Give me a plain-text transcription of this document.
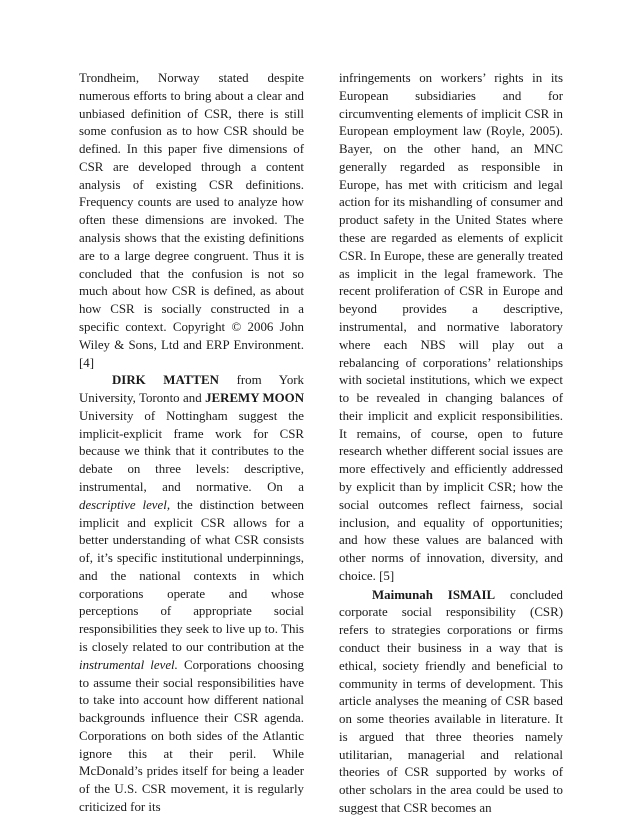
Trondheim, Norway stated despite numerous efforts to bring about a clear and unbiased definition of CSR, there is still some confusion as to how CSR should be defined. In this paper five dimensions of CSR are developed through a content analysis of existing CSR definitions. Frequency counts are used to analyze how often these dimensions are invoked. The analysis shows that the existing definitions are to a large degree congruent. Thus it is concluded that the confusion is not so much about how CSR is defined, as about how CSR is socially constructed in a specific context. Copyright © 2006 John Wiley & Sons, Ltd and ERP Environment. [4]

DIRK MATTEN from York University, Toronto and JEREMY MOON University of Nottingham suggest the implicit-explicit frame work for CSR because we think that it contributes to the debate on three levels: descriptive, instrumental, and normative. On a descriptive level, the distinction between implicit and explicit CSR allows for a better understanding of what CSR consists of, it’s specific institutional underpinnings, and the national contexts in which corporations operate and whose perceptions of appropriate social responsibilities they seek to live up to. This is closely related to our contribution at the instrumental level. Corporations choosing to assume their social responsibilities have to take into account how different national backgrounds influence their CSR agenda. Corporations on both sides of the Atlantic ignore this at their peril. While McDonald’s prides itself for being a leader of the U.S. CSR movement, it is regularly criticized for its

infringements on workers’ rights in its European subsidiaries and for circumventing elements of implicit CSR in European employment law (Royle, 2005). Bayer, on the other hand, an MNC generally regarded as responsible in Europe, has met with criticism and legal action for its mishandling of consumer and product safety in the United States where these are regarded as elements of explicit CSR. In Europe, these are generally treated as implicit in the legal framework. The recent proliferation of CSR in Europe and beyond provides a descriptive, instrumental, and normative laboratory where each NBS will play out a rebalancing of corporations’ relationships with societal institutions, which we expect to be revealed in changing balances of their implicit and explicit responsibilities. It remains, of course, open to future research whether different social issues are more effectively and efficiently addressed by explicit than by implicit CSR; how the social outcomes reflect fairness, social inclusion, and equality of opportunities; and how these values are balanced with other norms of innovation, diversity, and choice. [5]

Maimunah ISMAIL concluded corporate social responsibility (CSR) refers to strategies corporations or firms conduct their business in a way that is ethical, society friendly and beneficial to community in terms of development. This article analyses the meaning of CSR based on some theories available in literature. It is argued that three theories namely utilitarian, managerial and relational theories of CSR supported by works of other scholars in the area could be used to suggest that CSR becomes an
